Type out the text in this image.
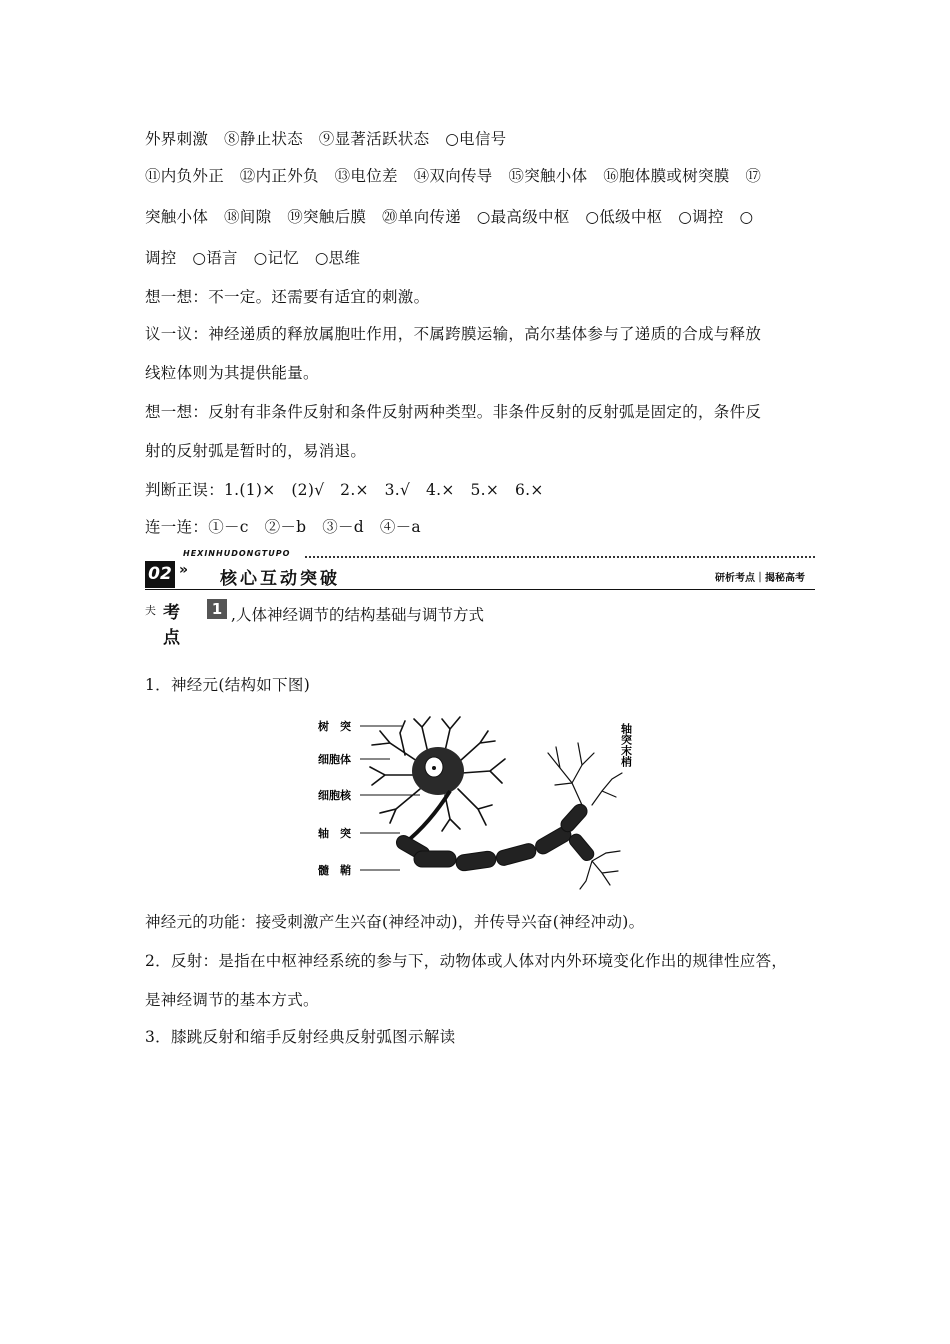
外界刺激　⑧静止状态　⑨显著活跃状态　○电信号
⑪内负外正　⑫内正外负　⑬电位差　⑭双向传导　⑮突触小体　⑯胞体膜或树突膜　⑰
突触小体　⑱间隙　⑲突触后膜　⑳单向传递　○最高级中枢　○低级中枢　○调控　○
调控　○语言　○记忆　○思维
想一想：不一定。还需要有适宜的刺激。
议一议：神经递质的释放属胞吐作用，不属跨膜运输，高尔基体参与了递质的合成与释放
线粒体则为其提供能量。
想一想：反射有非条件反射和条件反射两种类型。非条件反射的反射弧是固定的，条件反
射的反射弧是暂时的，易消退。
判断正误：1.(1)×　(2)√　2.×　3.√　4.×　5.×　6.×
连一连：①－c　②－b　③－d　④－a
HEXINHUDONGTUPO
02 » 核心互动突破	研析考点｜揭秘高考
夫 考点
1 ,人体神经调节的结构基础与调节方式
1．神经元(结构如下图)
树　突
细胞体
细胞核
轴　突
髓　鞘
轴突末梢
神经元的功能：接受刺激产生兴奋(神经冲动)，并传导兴奋(神经冲动)。
2．反射：是指在中枢神经系统的参与下，动物体或人体对内外环境变化作出的规律性应答，
是神经调节的基本方式。
3．膝跳反射和缩手反射经典反射弧图示解读
